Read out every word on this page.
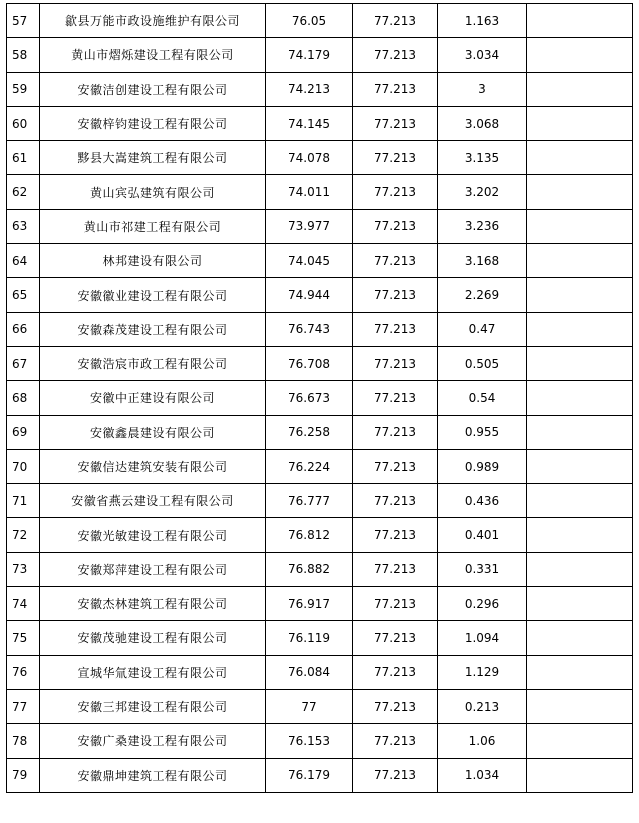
57	歙县万能市政设施维护有限公司	76.05	77.213	1.163	
58	黄山市熠烁建设工程有限公司	74.179	77.213	3.034	
59	安徽洁创建设工程有限公司	74.213	77.213	3	
60	安徽梓钧建设工程有限公司	74.145	77.213	3.068	
61	黟县大嵩建筑工程有限公司	74.078	77.213	3.135	
62	黄山宾弘建筑有限公司	74.011	77.213	3.202	
63	黄山市祁建工程有限公司	73.977	77.213	3.236	
64	林邦建设有限公司	74.045	77.213	3.168	
65	安徽徽业建设工程有限公司	74.944	77.213	2.269	
66	安徽森茂建设工程有限公司	76.743	77.213	0.47	
67	安徽浩宸市政工程有限公司	76.708	77.213	0.505	
68	安徽中正建设有限公司	76.673	77.213	0.54	
69	安徽鑫晨建设有限公司	76.258	77.213	0.955	
70	安徽信达建筑安装有限公司	76.224	77.213	0.989	
71	安徽省燕云建设工程有限公司	76.777	77.213	0.436	
72	安徽光敏建设工程有限公司	76.812	77.213	0.401	
73	安徽郑萍建设工程有限公司	76.882	77.213	0.331	
74	安徽杰林建筑工程有限公司	76.917	77.213	0.296	
75	安徽茂驰建设工程有限公司	76.119	77.213	1.094	
76	宣城华氚建设工程有限公司	76.084	77.213	1.129	
77	安徽三邦建设工程有限公司	77	77.213	0.213	
78	安徽广桑建设工程有限公司	76.153	77.213	1.06	
79	安徽鼎坤建筑工程有限公司	76.179	77.213	1.034	
